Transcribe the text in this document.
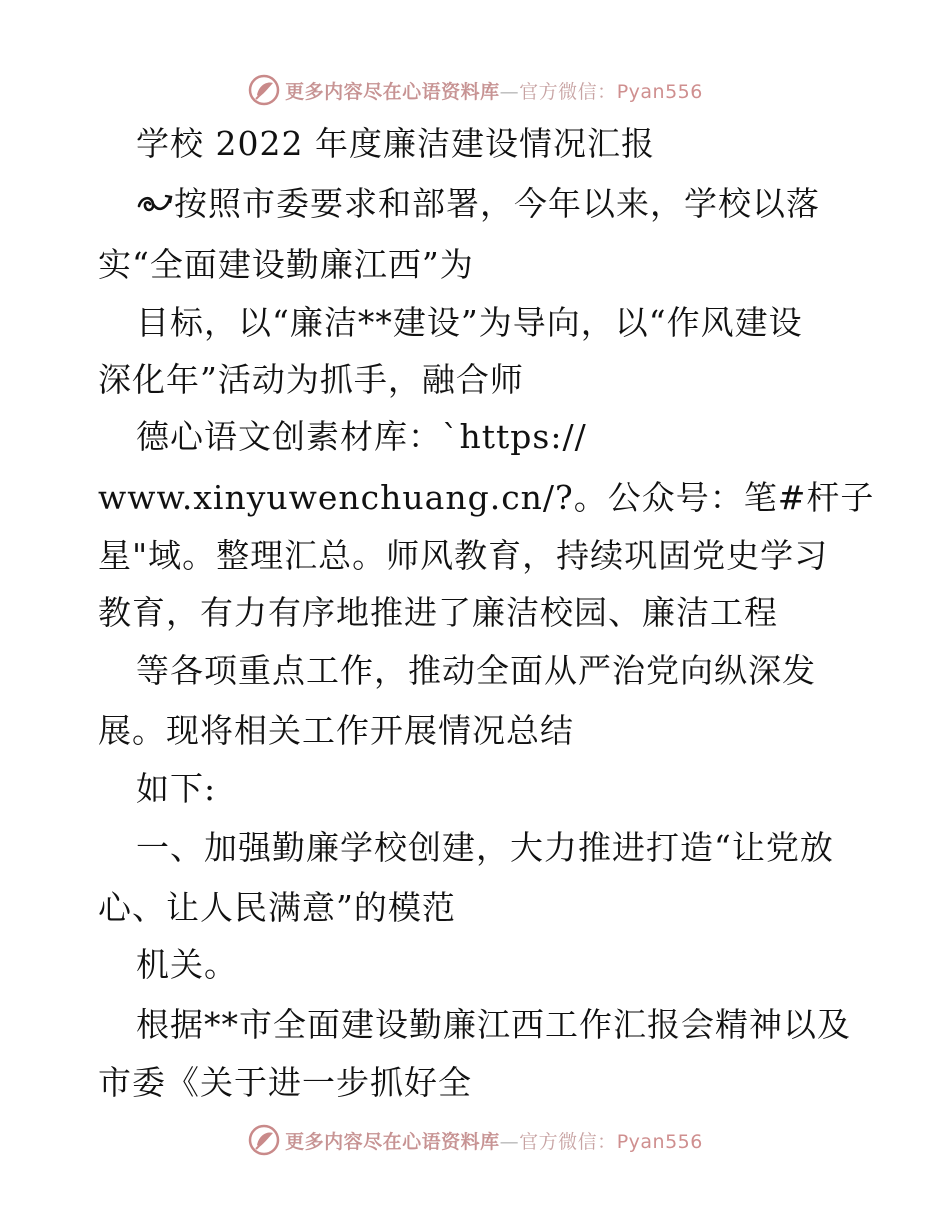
更多内容尽在心语资料库—官方微信：Pyan556
学校 2022 年度廉洁建设情况汇报
按照市委要求和部署，今年以来，学校以落
实“全面建设勤廉江西”为
目标，以“廉洁**建设”为导向，以“作风建设
深化年”活动为抓手，融合师
德心语文创素材库：`https://
www.xinyuwenchuang.cn/?。公众号：笔#杆子
星"域。整理汇总。师风教育，持续巩固党史学习
教育，有力有序地推进了廉洁校园、廉洁工程
等各项重点工作，推动全面从严治党向纵深发
展。现将相关工作开展情况总结
如下:
一、加强勤廉学校创建，大力推进打造“让党放
心、让人民满意”的模范
机关。
根据**市全面建设勤廉江西工作汇报会精神以及
市委《关于进一步抓好全
更多内容尽在心语资料库—官方微信：Pyan556
